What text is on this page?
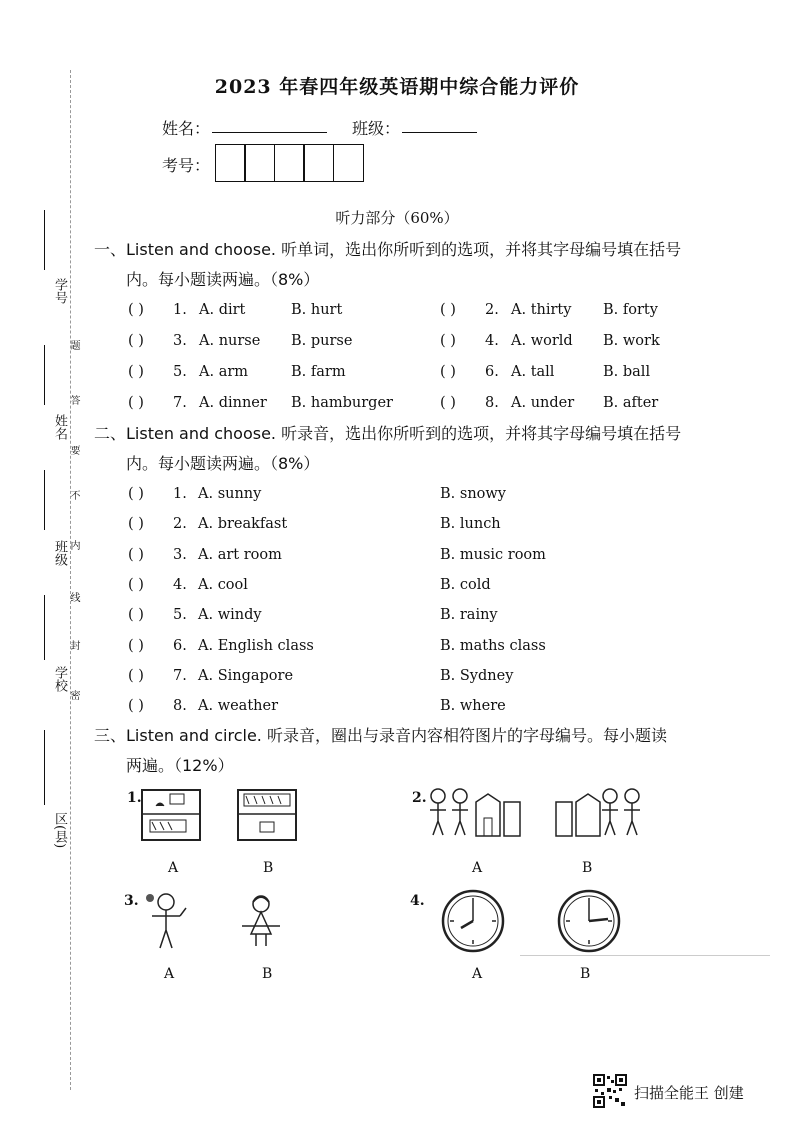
学号
姓名
班级
学校
区(县)
题
答
要
不
内
线
封
密
2023 年春四年级英语期中综合能力评价
姓名：	班级：
考号：
听力部分（60%）
一、Listen and choose. 听单词，选出你所听到的选项，并将其字母编号填在括号
内。每小题读两遍。（8%）
( ) 1. A. dirt	B. hurt	( ) 2. A. thirty B. forty
( ) 3. A. nurse B. purse	( ) 4. A. world B. work
( ) 5. A. arm	B. farm	( ) 6. A. tall	B. ball
( ) 7. A. dinner B. hamburger	( ) 8. A. under B. after
二、Listen and choose. 听录音，选出你所听到的选项，并将其字母编号填在括号
内。每小题读两遍。（8%）
( ) 1. A. sunny	B. snowy
( ) 2. A. breakfast	B. lunch
( ) 3. A. art room	B. music room
( ) 4. A. cool	B. cold
( ) 5. A. windy	B. rainy
( ) 6. A. English class	B. maths class
( ) 7. A. Singapore	B. Sydney
( ) 8. A. weather	B. where
三、Listen and circle. 听录音，圈出与录音内容相符图片的字母编号。每小题读
两遍。（12%）
1.
A	B
2.
A	B
3.
A	B
4.
A	B
扫描全能王 创建
